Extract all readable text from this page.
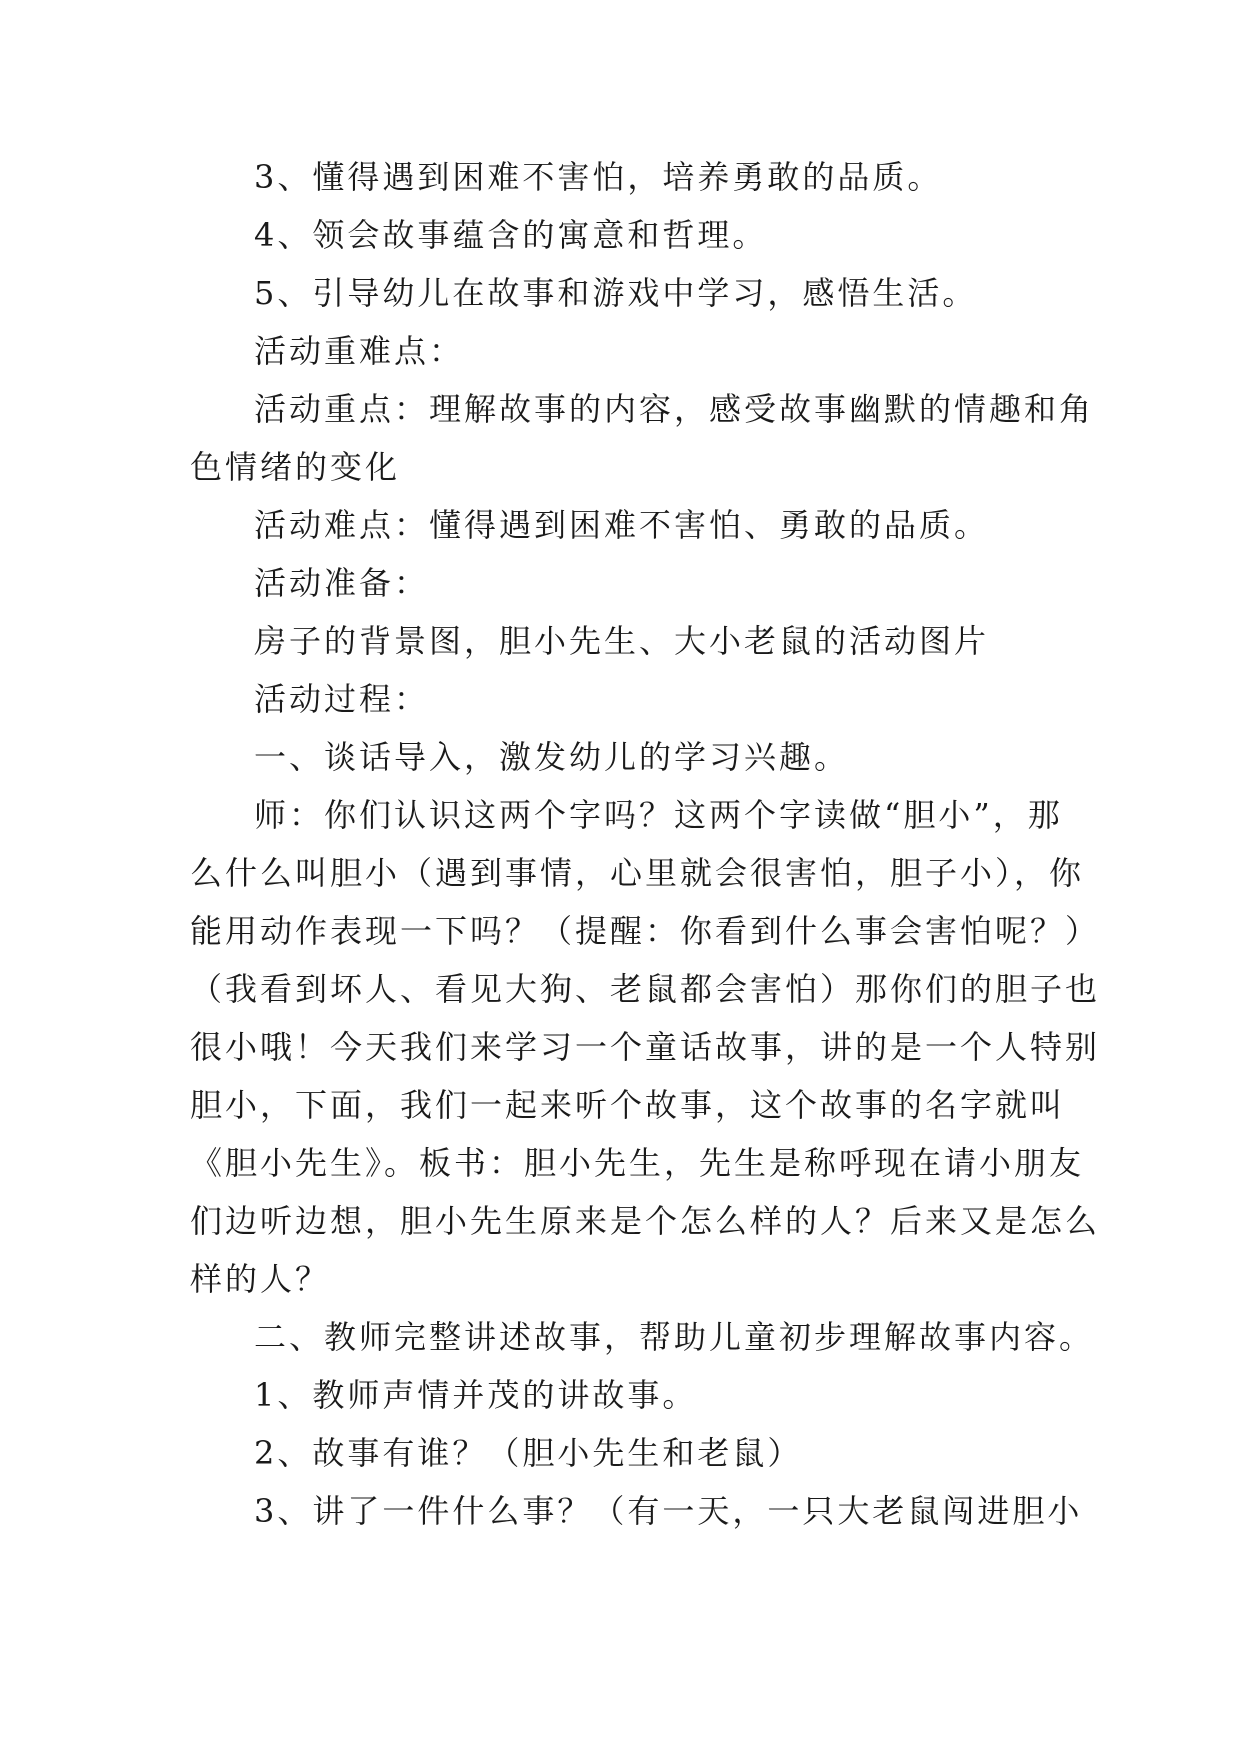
3、懂得遇到困难不害怕，培养勇敢的品质。

4、领会故事蕴含的寓意和哲理。

5、引导幼儿在故事和游戏中学习，感悟生活。

活动重难点：

活动重点：理解故事的内容，感受故事幽默的情趣和角

色情绪的变化

活动难点：懂得遇到困难不害怕、勇敢的品质。

活动准备：

房子的背景图，胆小先生、大小老鼠的活动图片

活动过程：

一、谈话导入，激发幼儿的学习兴趣。

师：你们认识这两个字吗？这两个字读做“胆小”，那

么什么叫胆小（遇到事情，心里就会很害怕，胆子小），你

能用动作表现一下吗？（提醒：你看到什么事会害怕呢？）

（我看到坏人、看见大狗、老鼠都会害怕）那你们的胆子也

很小哦！今天我们来学习一个童话故事，讲的是一个人特别

胆小，下面，我们一起来听个故事，这个故事的名字就叫

《胆小先生》。板书：胆小先生，先生是称呼现在请小朋友

们边听边想，胆小先生原来是个怎么样的人？后来又是怎么

样的人？

二、教师完整讲述故事，帮助儿童初步理解故事内容。

1、教师声情并茂的讲故事。

2、故事有谁？（胆小先生和老鼠）

3、讲了一件什么事？（有一天，一只大老鼠闯进胆小
